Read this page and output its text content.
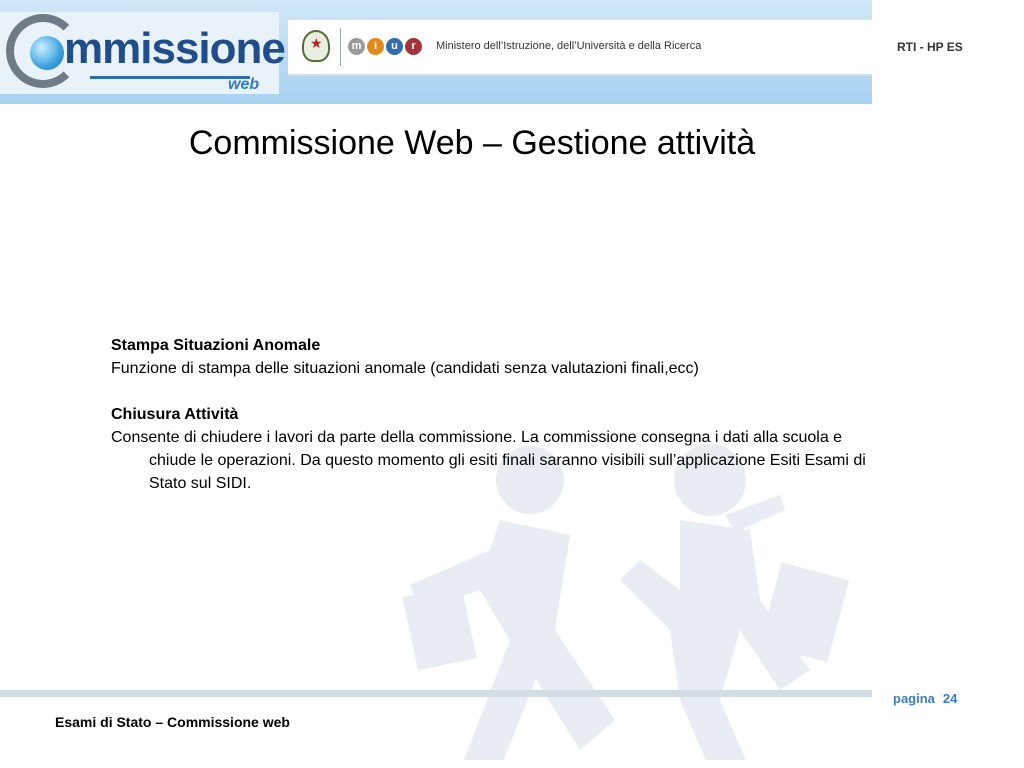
mmissione
web
★	m	i	u	r	Ministero dell’Istruzione, dell’Università e della Ricerca	RTI - HP ES
Commissione Web – Gestione attività

Stampa Situazioni Anomale

Funzione di stampa delle situazioni anomale (candidati senza valutazioni finali,ecc)

Chiusura Attività

Consente di chiudere i lavori da parte della commissione. La commissione consegna i dati alla scuola e chiude le operazioni. Da questo momento gli esiti finali saranno visibili sull’applicazione Esiti Esami di Stato sul SIDI.

pagina 24
Esami di Stato – Commissione web
